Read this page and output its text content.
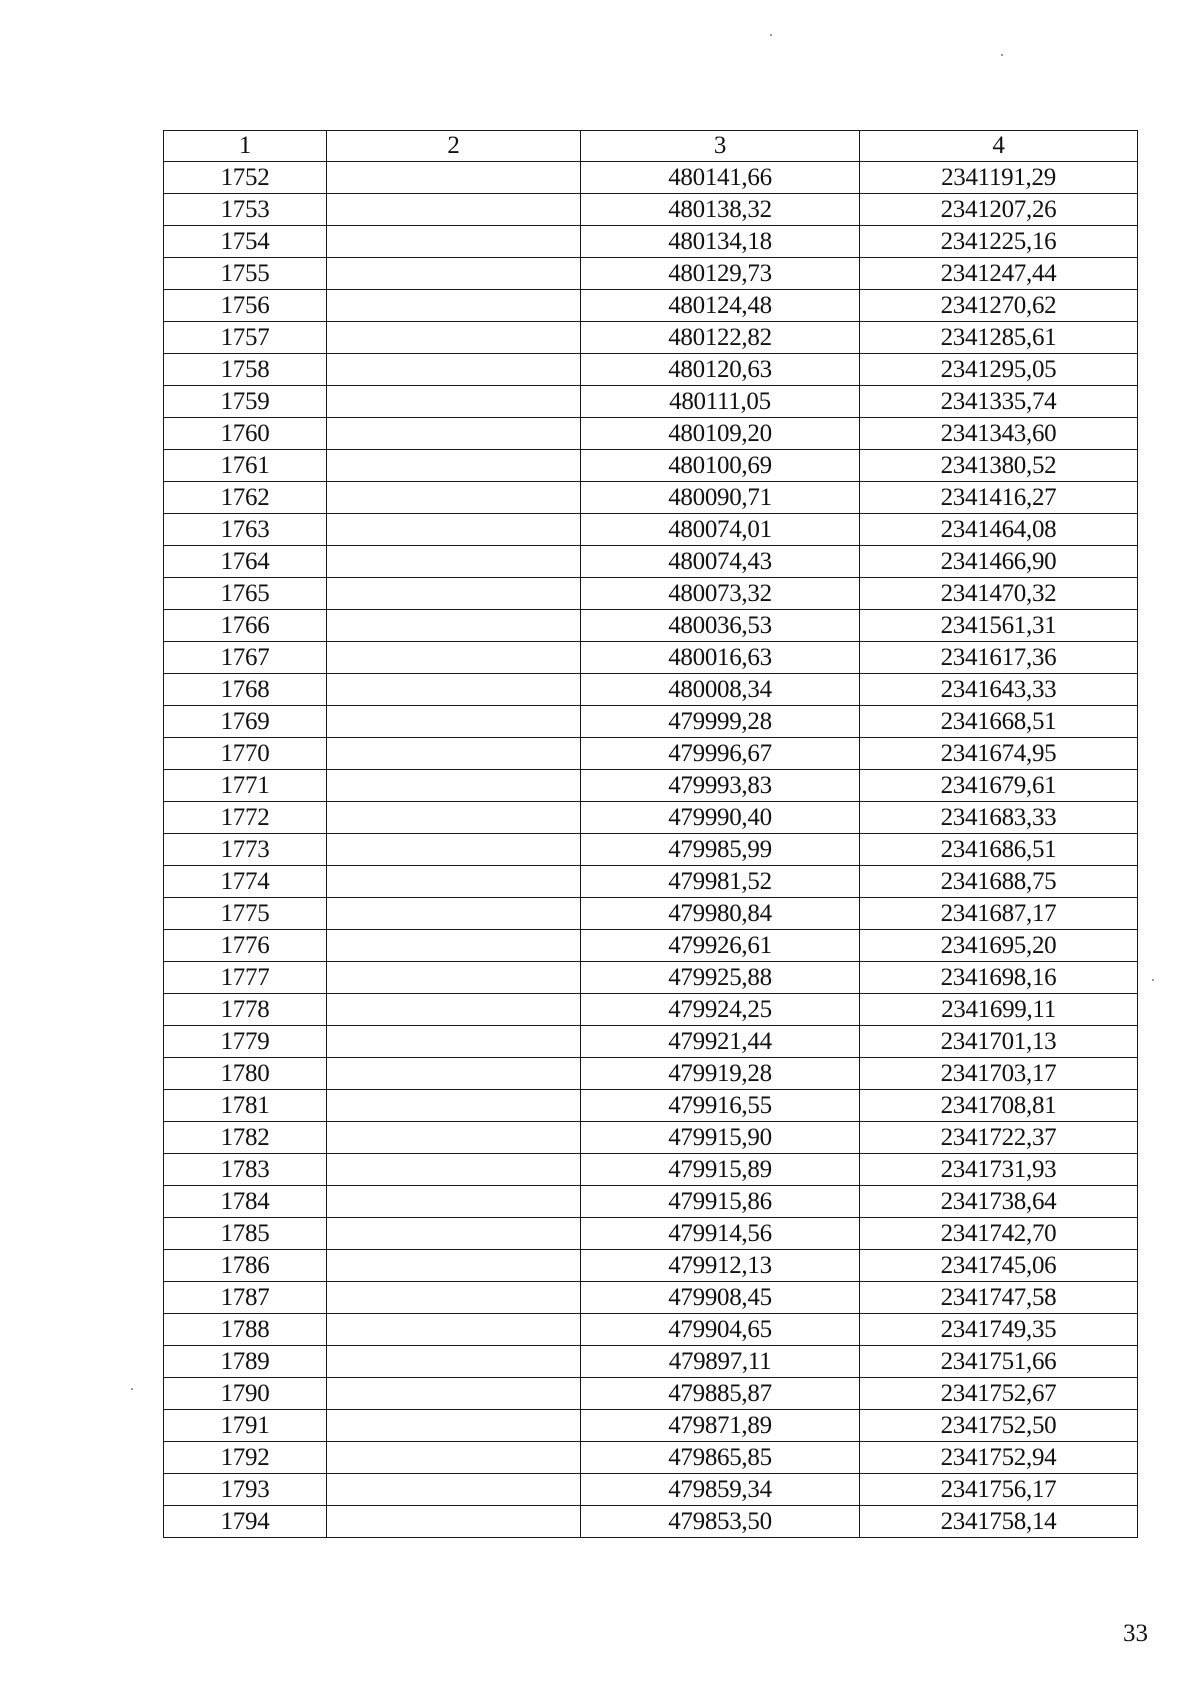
1	2	3	4
1752		480141,66	2341191,29
1753		480138,32	2341207,26
1754		480134,18	2341225,16
1755		480129,73	2341247,44
1756		480124,48	2341270,62
1757		480122,82	2341285,61
1758		480120,63	2341295,05
1759		480111,05	2341335,74
1760		480109,20	2341343,60
1761		480100,69	2341380,52
1762		480090,71	2341416,27
1763		480074,01	2341464,08
1764		480074,43	2341466,90
1765		480073,32	2341470,32
1766		480036,53	2341561,31
1767		480016,63	2341617,36
1768		480008,34	2341643,33
1769		479999,28	2341668,51
1770		479996,67	2341674,95
1771		479993,83	2341679,61
1772		479990,40	2341683,33
1773		479985,99	2341686,51
1774		479981,52	2341688,75
1775		479980,84	2341687,17
1776		479926,61	2341695,20
1777		479925,88	2341698,16
1778		479924,25	2341699,11
1779		479921,44	2341701,13
1780		479919,28	2341703,17
1781		479916,55	2341708,81
1782		479915,90	2341722,37
1783		479915,89	2341731,93
1784		479915,86	2341738,64
1785		479914,56	2341742,70
1786		479912,13	2341745,06
1787		479908,45	2341747,58
1788		479904,65	2341749,35
1789		479897,11	2341751,66
1790		479885,87	2341752,67
1791		479871,89	2341752,50
1792		479865,85	2341752,94
1793		479859,34	2341756,17
1794		479853,50	2341758,14
33
